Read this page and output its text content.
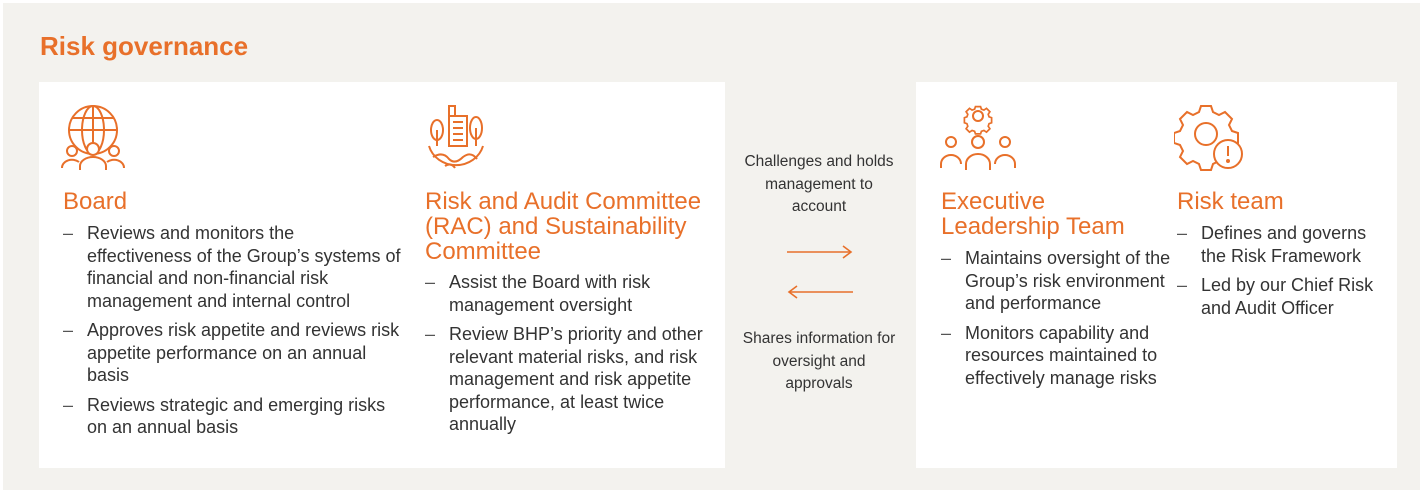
Risk governance
Board
– Reviews and monitors the effectiveness of the Group’s systems of financial and non-financial risk management and internal control
– Approves risk appetite and reviews risk appetite performance on an annual basis
– Reviews strategic and emerging risks on an annual basis
Risk and Audit Committee (RAC) and Sustainability Committee
– Assist the Board with risk management oversight
– Review BHP’s priority and other relevant material risks, and risk management and risk appetite performance, at least twice annually
Challenges and holds management to account
Shares information for oversight and approvals
Executive Leadership Team
– Maintains oversight of the Group’s risk environment and performance
– Monitors capability and resources maintained to effectively manage risks
Risk team
– Defines and governs the Risk Framework
– Led by our Chief Risk and Audit Officer
